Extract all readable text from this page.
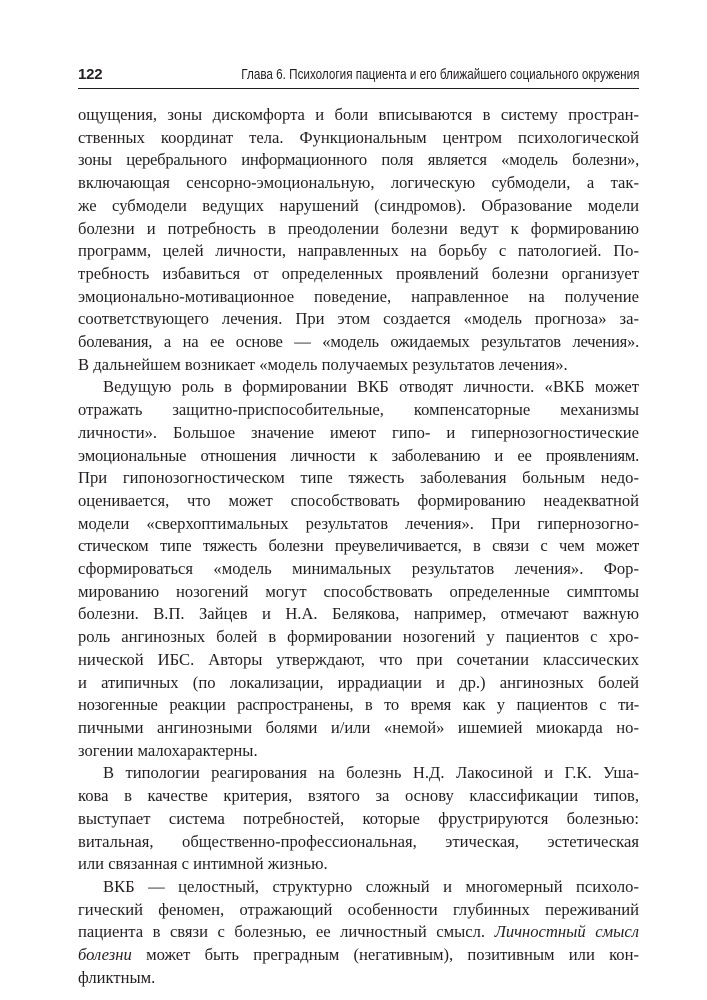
122	Глава 6. Психология пациента и его ближайшего социального окружения

ощущения, зоны дискомфорта и боли вписываются в систему простран-
ственных координат тела. Функциональным центром психологической
зоны церебрального информационного поля является «модель болезни»,
включающая сенсорно-эмоциональную, логическую субмодели, а так-
же субмодели ведущих нарушений (синдромов). Образование модели
болезни и потребность в преодолении болезни ведут к формированию
программ, целей личности, направленных на борьбу с патологией. По-
требность избавиться от определенных проявлений болезни организует
эмоционально-мотивационное поведение, направленное на получение
соответствующего лечения. При этом создается «модель прогноза» за-
болевания, а на ее основе — «модель ожидаемых результатов лечения».
В дальнейшем возникает «модель получаемых результатов лечения».

Ведущую роль в формировании ВКБ отводят личности. «ВКБ может
отражать защитно-приспособительные, компенсаторные механизмы
личности». Большое значение имеют гипо- и гипернозогностические
эмоциональные отношения личности к заболеванию и ее проявлениям.
При гипонозогностическом типе тяжесть заболевания больным недо-
оценивается, что может способствовать формированию неадекватной
модели «сверхоптимальных результатов лечения». При гипернозогно-
стическом типе тяжесть болезни преувеличивается, в связи с чем может
сформироваться «модель минимальных результатов лечения». Фор-
мированию нозогений могут способствовать определенные симптомы
болезни. В.П. Зайцев и Н.А. Белякова, например, отмечают важную
роль ангинозных болей в формировании нозогений у пациентов с хро-
нической ИБС. Авторы утверждают, что при сочетании классических
и атипичных (по локализации, иррадиации и др.) ангинозных болей
нозогенные реакции распространены, в то время как у пациентов с ти-
пичными ангинозными болями и/или «немой» ишемией миокарда но-
зогении малохарактерны.

В типологии реагирования на болезнь Н.Д. Лакосиной и Г.К. Уша-
кова в качестве критерия, взятого за основу классификации типов,
выступает система потребностей, которые фрустрируются болезнью:
витальная, общественно-профессиональная, этическая, эстетическая
или связанная с интимной жизнью.

ВКБ — целостный, структурно сложный и многомерный психоло-
гический феномен, отражающий особенности глубинных переживаний
пациента в связи с болезнью, ее личностный смысл. Личностный смысл
болезни может быть преградным (негативным), позитивным или кон-
фликтным.
